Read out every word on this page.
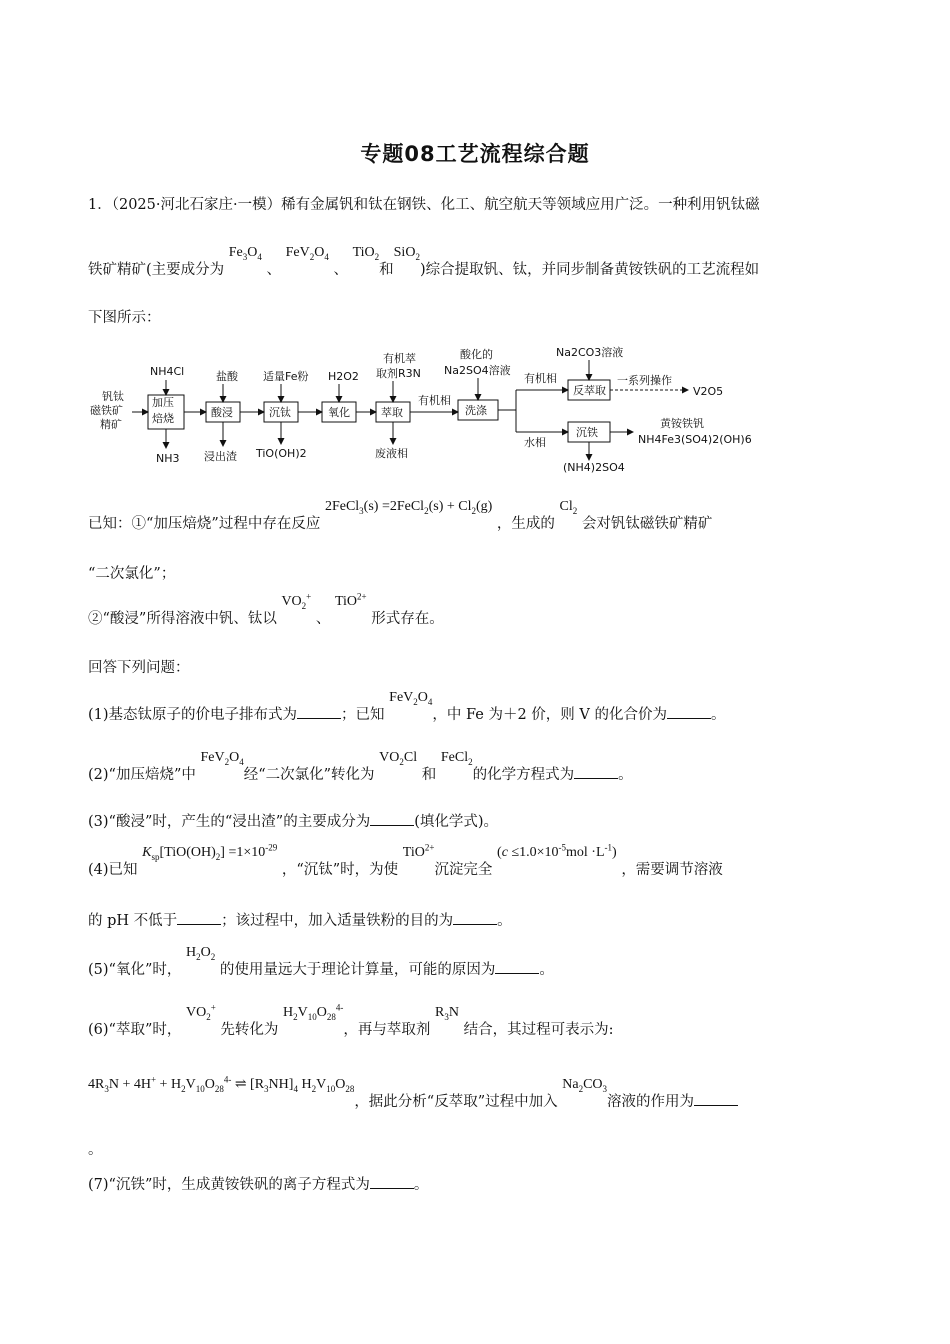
专题08工艺流程综合题
1．（2025·河北石家庄·一模）稀有金属钒和钛在钢铁、化工、航空航天等领域应用广泛。一种利用钒钛磁
铁矿精矿(主要成分为 $Fe_3O_4$ 、 $FeV_2O_4$ 、 TiO$_2$和SiO$_2$)综合提取钒、钛，并同步制备黄铵铁矾的工艺流程如
下图所示：
钒钛
磁铁矿
精矿
加压
焙烧
NH4Cl
NH3
酸浸
盐酸
浸出渣
沉钛
适量Fe粉
TiO(OH)2
氧化
H2O2
萃取
有机萃
取剂R3N
废液相
有机相
洗涤
酸化的
Na2SO4溶液
有机相
反萃取
Na2CO3溶液
一系列操作
V2O5
水相
沉铁
(NH4)2SO4
黄铵铁钒
NH4Fe3(SO4)2(OH)6
已知：①“加压焙烧”过程中存在反应 2FeCl$_3$(s) =2FeCl$_2$(s) + $Cl_2(g)$ ，生成的 $Cl_2$ 会对钒钛磁铁矿精矿
“二次氯化”；
②“酸浸”所得溶液中钒、钛以 $VO_2^+$ 、 TiO$^{2+}$ 形式存在。
回答下列问题：
(1)基态钛原子的价电子排布式为	；已知 $FeV_2O_4$，中 Fe 为＋2 价，则 V 的化合价为	。
(2)“加压焙烧”中 $FeV_2O_4$经“二次氯化”转化为 $VO_2Cl$ 和 FeCl$_2$的化学方程式为	。
(3)“酸浸”时，产生的“浸出渣”的主要成分为	(填化学式)。
(4)已知 $K_{sp}[TiO(OH)_2] =1\times 10^{-29}$ ，“沉钛”时，为使 TiO$^{2+}$沉淀完全 $(c \le 1.0\times 10^{-5}mol \cdot L^{-1})$ ，需要调节溶液
的 pH 不低于	；该过程中，加入适量铁粉的目的为	。
(5)“氧化”时， $H_2O_2$ 的使用量远大于理论计算量，可能的原因为	。
(6)“萃取”时， $VO_2^+$ 先转化为 $H_2V_{10}O_{28}^{4-}$，再与萃取剂 $R_3N$ 结合，其过程可表示为:
$4R_3N + 4H^+ + H_2V_{10}O_{28}^{4-}$ ⇌ $[R_3NH]_4$ $H_2V_{10}O_{28}$，据此分析“反萃取”过程中加入 $Na_2CO_3$溶液的作用为
。
(7)“沉铁”时，生成黄铵铁矾的离子方程式为	。
